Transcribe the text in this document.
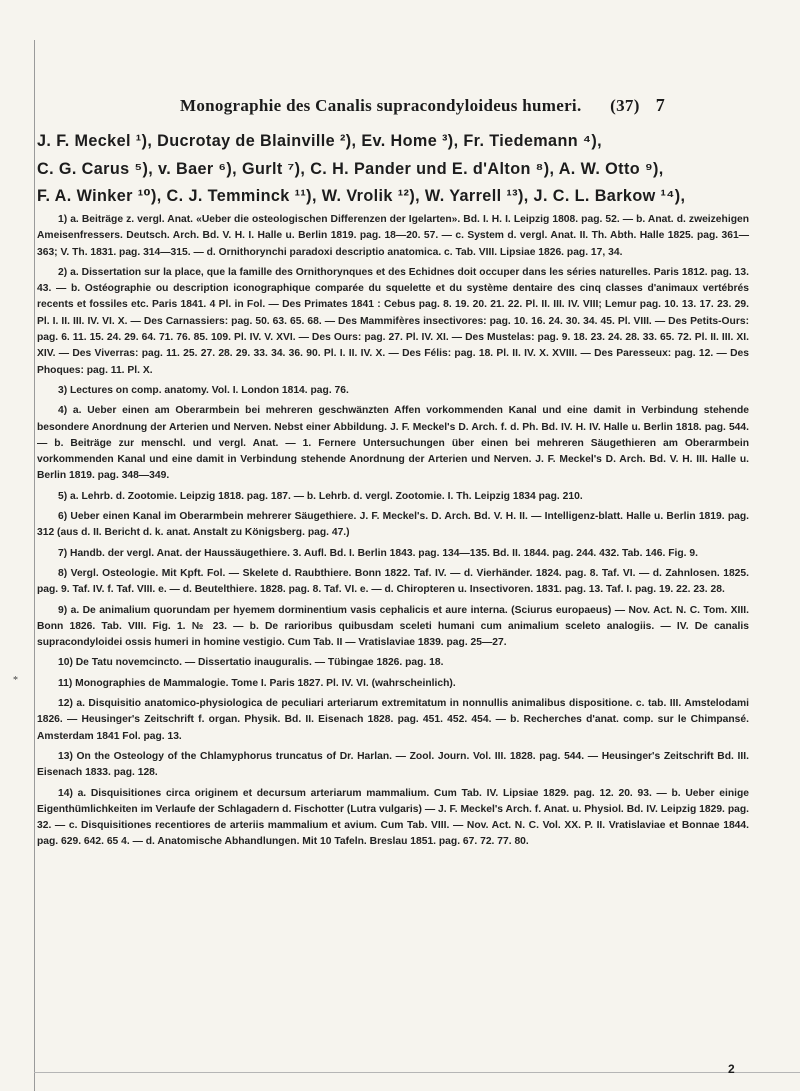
Monographie des Canalis supracondyloideus humeri. (37) 7
J. F. Meckel ¹), Ducrotay de Blainville ²), Ev. Home ³), Fr. Tiedemann ⁴),
C. G. Carus ⁵), v. Baer ⁶), Gurlt ⁷), C. H. Pander und E. d'Alton ⁸), A. W. Otto ⁹),
F. A. Winker ¹⁰), C. J. Temminck ¹¹), W. Vrolik ¹²), W. Yarrell ¹³), J. C. L. Barkow ¹⁴),

1) a. Beiträge z. vergl. Anat. «Ueber die osteologischen Differenzen der Igelarten». Bd. I. H. I. Leipzig 1808. pag. 52. — b. Anat. d. zweizehigen Ameisenfressers. Deutsch. Arch. Bd. V. H. I. Halle u. Berlin 1819. pag. 18—20. 57. — c. System d. vergl. Anat. II. Th. Abth. Halle 1825. pag. 361—363; V. Th. 1831. pag. 314—315. — d. Ornithorynchi paradoxi descriptio anatomica. c. Tab. VIII. Lipsiae 1826. pag. 17, 34.

2) a. Dissertation sur la place, que la famille des Ornithorynques et des Echidnes doit occuper dans les séries naturelles. Paris 1812. pag. 13. 43. — b. Ostéographie ou description iconographique comparée du squelette et du système dentaire des cinq classes d'animaux vertébrés recents et fossiles etc. Paris 1841. 4 Pl. in Fol. — Des Primates 1841 : Cebus pag. 8. 19. 20. 21. 22. Pl. II. III. IV. VIII; Lemur pag. 10. 13. 17. 23. 29. Pl. I. II. III. IV. VI. X. — Des Carnassiers: pag. 50. 63. 65. 68. — Des Mammifères insectivores: pag. 10. 16. 24. 30. 34. 45. Pl. VIII. — Des Petits-Ours: pag. 6. 11. 15. 24. 29. 64. 71. 76. 85. 109. Pl. IV. V. XVI. — Des Ours: pag. 27. Pl. IV. XI. — Des Mustelas: pag. 9. 18. 23. 24. 28. 33. 65. 72. Pl. II. III. XI. XIV. — Des Viverras: pag. 11. 25. 27. 28. 29. 33. 34. 36. 90. Pl. I. II. IV. X. — Des Félis: pag. 18. Pl. II. IV. X. XVIII. — Des Paresseux: pag. 12. — Des Phoques: pag. 11. Pl. X.

3) Lectures on comp. anatomy. Vol. I. London 1814. pag. 76.

4) a. Ueber einen am Oberarmbein bei mehreren geschwänzten Affen vorkommenden Kanal und eine damit in Verbindung stehende besondere Anordnung der Arterien und Nerven. Nebst einer Abbildung. J. F. Meckel's D. Arch. f. d. Ph. Bd. IV. H. IV. Halle u. Berlin 1818. pag. 544. — b. Beiträge zur menschl. und vergl. Anat. — 1. Fernere Untersuchungen über einen bei mehreren Säugethieren am Oberarmbein vorkommenden Kanal und eine damit in Verbindung stehende Anordnung der Arterien und Nerven. J. F. Meckel's D. Arch. Bd. V. H. III. Halle u. Berlin 1819. pag. 348—349.

5) a. Lehrb. d. Zootomie. Leipzig 1818. pag. 187. — b. Lehrb. d. vergl. Zootomie. I. Th. Leipzig 1834 pag. 210.

6) Ueber einen Kanal im Oberarmbein mehrerer Säugethiere. J. F. Meckel's. D. Arch. Bd. V. H. II. — Intelligenz-blatt. Halle u. Berlin 1819. pag. 312 (aus d. II. Bericht d. k. anat. Anstalt zu Königsberg. pag. 47.)

7) Handb. der vergl. Anat. der Haussäugethiere. 3. Aufl. Bd. I. Berlin 1843. pag. 134—135. Bd. II. 1844. pag. 244. 432. Tab. 146. Fig. 9.

8) Vergl. Osteologie. Mit Kpft. Fol. — Skelete d. Raubthiere. Bonn 1822. Taf. IV. — d. Vierhänder. 1824. pag. 8. Taf. VI. — d. Zahnlosen. 1825. pag. 9. Taf. IV. f. Taf. VIII. e. — d. Beutelthiere. 1828. pag. 8. Taf. VI. e. — d. Chiropteren u. Insectivoren. 1831. pag. 13. Taf. I. pag. 19. 22. 23. 28.

9) a. De animalium quorundam per hyemem dorminentium vasis cephalicis et aure interna. (Sciurus europaeus) — Nov. Act. N. C. Tom. XIII. Bonn 1826. Tab. VIII. Fig. 1. № 23. — b. De rarioribus quibusdam sceleti humani cum animalium sceleto analogiis. — IV. De canalis supracondyloidei ossis humeri in homine vestigio. Cum Tab. II — Vratislaviae 1839. pag. 25—27.

10) De Tatu novemcincto. — Dissertatio inauguralis. — Tübingae 1826. pag. 18.

11) Monographies de Mammalogie. Tome I. Paris 1827. Pl. IV. VI. (wahrscheinlich).

12) a. Disquisitio anatomico-physiologica de peculiari arteriarum extremitatum in nonnullis animalibus dispositione. c. tab. III. Amstelodami 1826. — Heusinger's Zeitschrift f. organ. Physik. Bd. II. Eisenach 1828. pag. 451. 452. 454. — b. Recherches d'anat. comp. sur le Chimpansé. Amsterdam 1841 Fol. pag. 13.

13) On the Osteology of the Chlamyphorus truncatus of Dr. Harlan. — Zool. Journ. Vol. III. 1828. pag. 544. — Heusinger's Zeitschrift Bd. III. Eisenach 1833. pag. 128.

14) a. Disquisitiones circa originem et decursum arteriarum mammalium. Cum Tab. IV. Lipsiae 1829. pag. 12. 20. 93. — b. Ueber einige Eigenthümlichkeiten im Verlaufe der Schlagadern d. Fischotter (Lutra vulgaris) — J. F. Meckel's Arch. f. Anat. u. Physiol. Bd. IV. Leipzig 1829. pag. 32. — c. Disquisitiones recentiores de arteriis mammalium et avium. Cum Tab. VIII. — Nov. Act. N. C. Vol. XX. P. II. Vratislaviae et Bonnae 1844. pag. 629. 642. 65 4. — d. Anatomische Abhandlungen. Mit 10 Tafeln. Breslau 1851. pag. 67. 72. 77. 80.

*
2
